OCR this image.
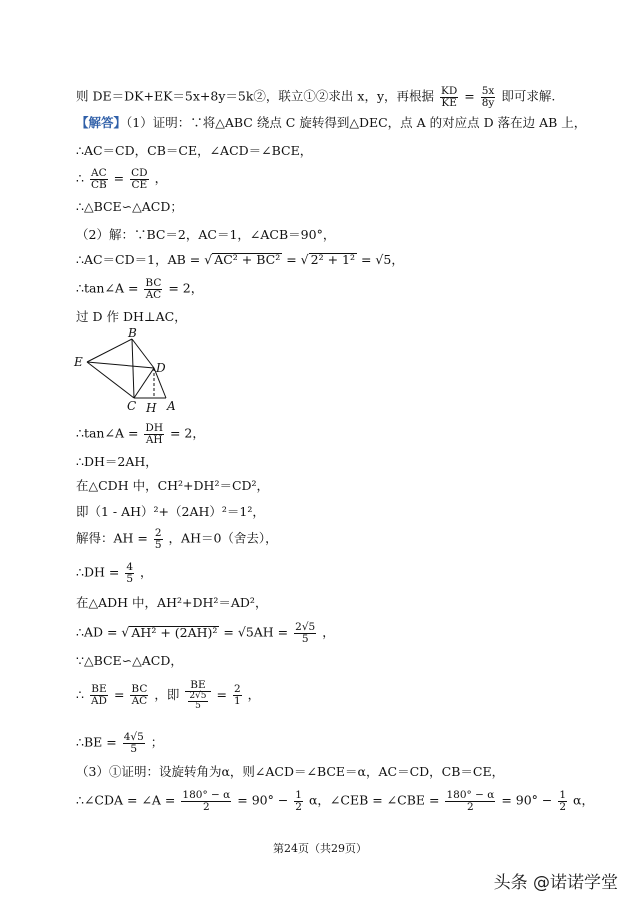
则 DE＝DK+EK＝5x+8y＝5k②，联立①②求出 x，y，再根据 $\frac{KD}{KE} = \frac{5x}{8y}$ 即可求解.
【解答】（1）证明：∵将△ABC 绕点 C 旋转得到△DEC，点 A 的对应点 D 落在边 AB 上，
∴AC＝CD，CB＝CE，∠ACD＝∠BCE，
∴ $\frac{AC}{CB} = \frac{CD}{CE}$ ，
∴△BCE∽△ACD；
（2）解：∵BC＝2，AC＝1，∠ACB＝90°，
∴AC＝CD＝1，AB = √ AC² + BC² = √ 2² + 1² = √5，
∴tan∠A = $\frac{BC}{AC} = 2$，
过 D 作 DH⊥AC，
B
E	D
C H A
∴tan∠A = $\frac{DH}{AH} = 2$，
∴DH＝2AH，
在△CDH 中，CH²+DH²＝CD²，
即（1 - AH）²+（2AH）²＝1²，
解得：AH = $\frac{2}{5}$ ，AH＝0（舍去），
∴DH = $\frac{4}{5}$ ，
在△ADH 中，AH²+DH²＝AD²，
∴AD = √ $AH^2 + (2AH)^2 = √5AH = \frac{2√5}{5}$ ，
∵△BCE∽△ACD，
∴ $\frac{BE}{AD} = \frac{BC}{AC}$ ，即 $\frac{BE}{\frac{2√5}{5}} = \frac{2}{1}$ ，
∴BE = $\frac{4√5}{5}$ ；
（3）①证明：设旋转角为α，则∠ACD＝∠BCE＝α，AC＝CD，CB＝CE，
∴∠CDA = ∠A = $\frac{180^\circ - \alpha}{2} = 90^\circ - \frac{1}{2}$ α，∠CEB = ∠CBE = $\frac{180^\circ - \alpha}{2} = 90^\circ - \frac{1}{2}$ α，
第24页（共29页）
头条 @诺诺学堂
